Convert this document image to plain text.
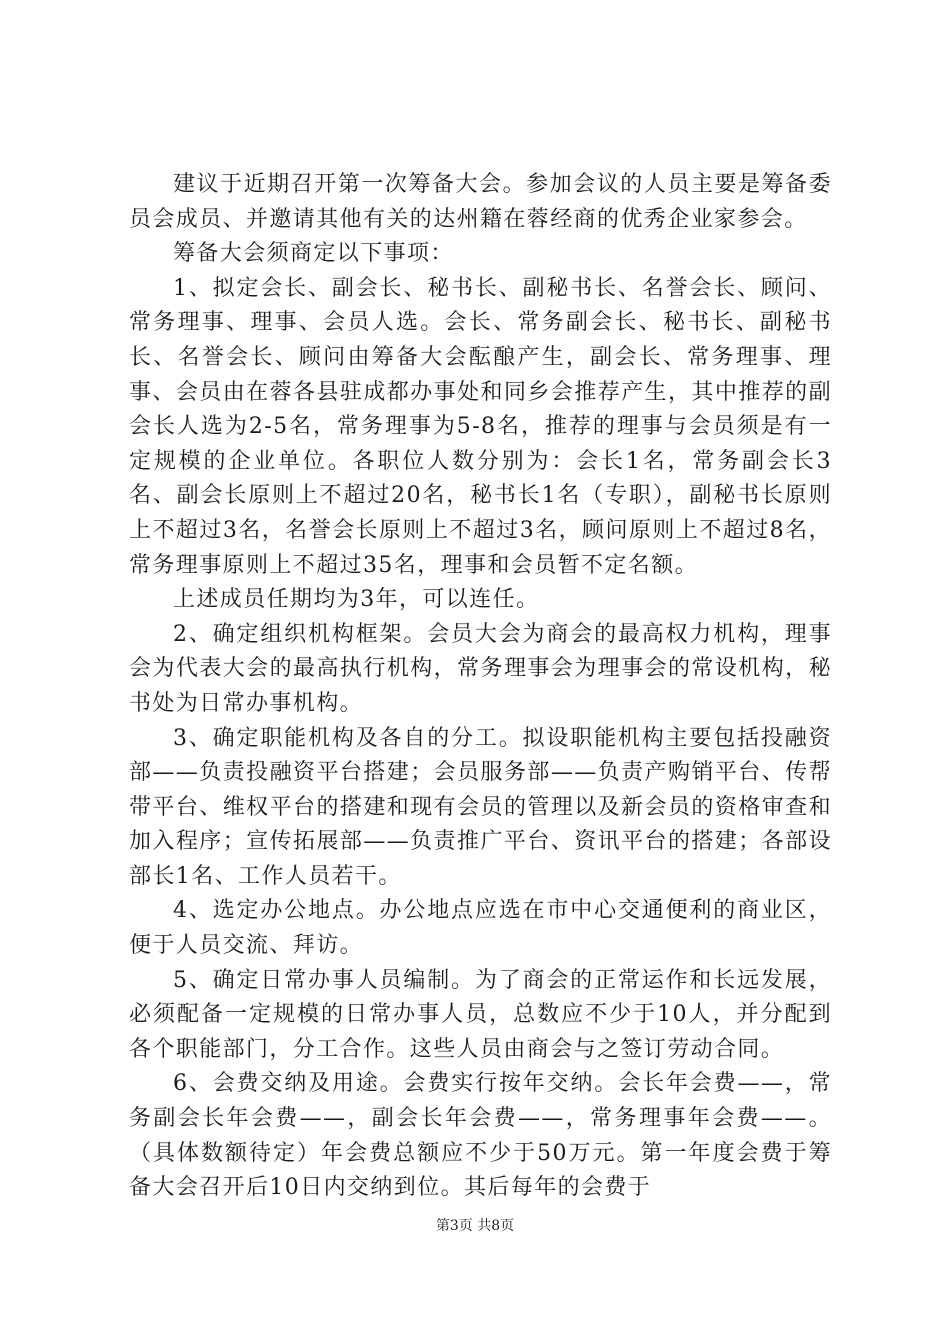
建议于近期召开第一次筹备大会。参加会议的人员主要是筹备委员会成员、并邀请其他有关的达州籍在蓉经商的优秀企业家参会。

筹备大会须商定以下事项：

1、拟定会长、副会长、秘书长、副秘书长、名誉会长、顾问、常务理事、理事、会员人选。会长、常务副会长、秘书长、副秘书长、名誉会长、顾问由筹备大会酝酿产生，副会长、常务理事、理事、会员由在蓉各县驻成都办事处和同乡会推荐产生，其中推荐的副会长人选为2-5名，常务理事为5-8名，推荐的理事与会员须是有一定规模的企业单位。各职位人数分别为：会长1名，常务副会长3名、副会长原则上不超过20名，秘书长1名（专职），副秘书长原则上不超过3名，名誉会长原则上不超过3名，顾问原则上不超过8名，常务理事原则上不超过35名，理事和会员暂不定名额。

上述成员任期均为3年，可以连任。

2、确定组织机构框架。会员大会为商会的最高权力机构，理事会为代表大会的最高执行机构，常务理事会为理事会的常设机构，秘书处为日常办事机构。

3、确定职能机构及各自的分工。拟设职能机构主要包括投融资部——负责投融资平台搭建；会员服务部——负责产购销平台、传帮带平台、维权平台的搭建和现有会员的管理以及新会员的资格审查和加入程序；宣传拓展部——负责推广平台、资讯平台的搭建；各部设部长1名、工作人员若干。

4、选定办公地点。办公地点应选在市中心交通便利的商业区，便于人员交流、拜访。

5、确定日常办事人员编制。为了商会的正常运作和长远发展，必须配备一定规模的日常办事人员，总数应不少于10人，并分配到各个职能部门，分工合作。这些人员由商会与之签订劳动合同。

6、会费交纳及用途。会费实行按年交纳。会长年会费——，常务副会长年会费——，副会长年会费——，常务理事年会费——。（具体数额待定）年会费总额应不少于50万元。第一年度会费于筹备大会召开后10日内交纳到位。其后每年的会费于

第3页 共8页
